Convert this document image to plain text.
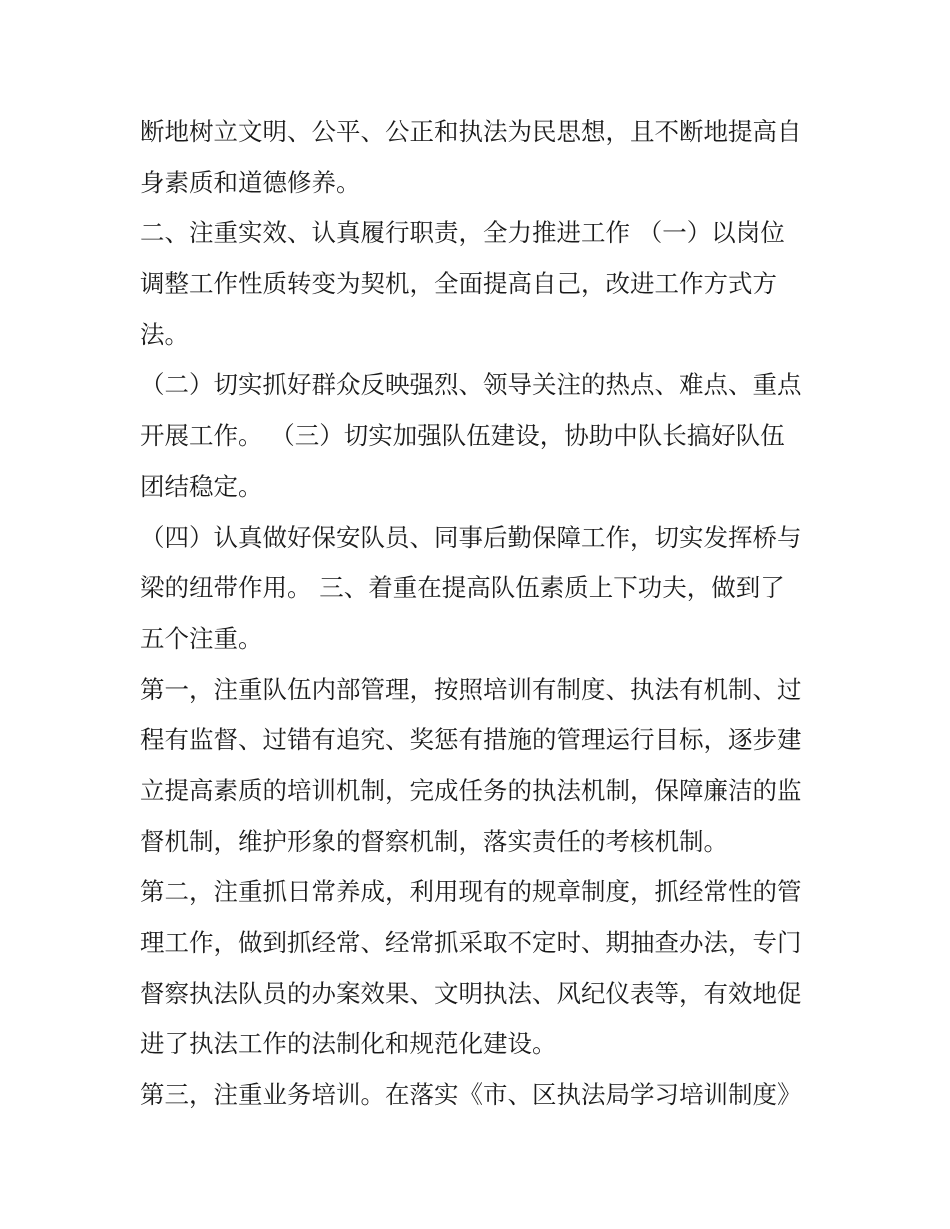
断地树立文明、公平、公正和执法为民思想，且不断地提高自
身素质和道德修养。
二、注重实效、认真履行职责，全力推进工作 （一）以岗位
调整工作性质转变为契机，全面提高自己，改进工作方式方
法。
（二）切实抓好群众反映强烈、领导关注的热点、难点、重点
开展工作。 （三）切实加强队伍建设，协助中队长搞好队伍
团结稳定。
（四）认真做好保安队员、同事后勤保障工作，切实发挥桥与
梁的纽带作用。 三、着重在提高队伍素质上下功夫，做到了
五个注重。
第一，注重队伍内部管理，按照培训有制度、执法有机制、过
程有监督、过错有追究、奖惩有措施的管理运行目标，逐步建
立提高素质的培训机制，完成任务的执法机制，保障廉洁的监
督机制，维护形象的督察机制，落实责任的考核机制。
第二，注重抓日常养成，利用现有的规章制度，抓经常性的管
理工作，做到抓经常、经常抓采取不定时、期抽查办法，专门
督察执法队员的办案效果、文明执法、风纪仪表等，有效地促
进了执法工作的法制化和规范化建设。
第三，注重业务培训。在落实《市、区执法局学习培训制度》
